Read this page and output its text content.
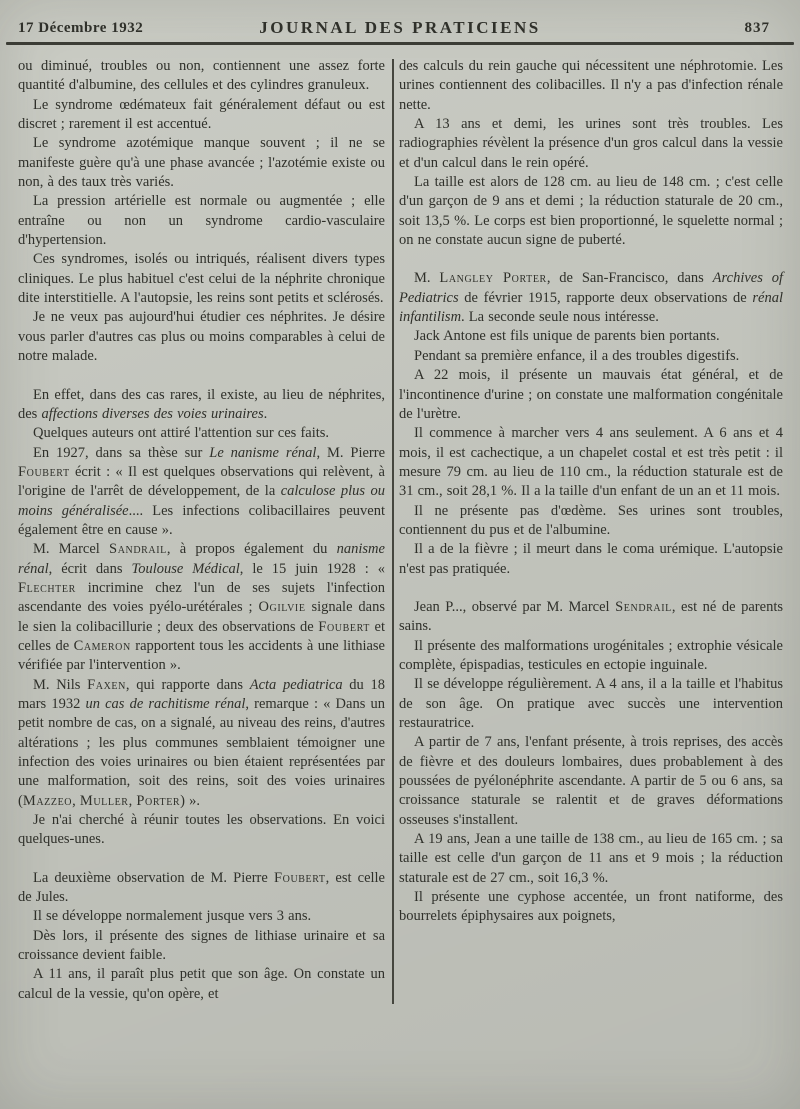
17 Décembre 1932	JOURNAL DES PRATICIENS	837

ou diminué, troubles ou non, contiennent une assez forte quantité d'albumine, des cellules et des cylindres granuleux.

Le syndrome œdémateux fait généralement défaut ou est discret ; rarement il est accentué.

Le syndrome azotémique manque souvent ; il ne se manifeste guère qu'à une phase avancée ; l'azotémie existe ou non, à des taux très variés.

La pression artérielle est normale ou augmentée ; elle entraîne ou non un syndrome cardio-vasculaire d'hypertension.

Ces syndromes, isolés ou intriqués, réalisent divers types cliniques. Le plus habituel c'est celui de la néphrite chronique dite interstitielle. A l'autopsie, les reins sont petits et sclérosés.

Je ne veux pas aujourd'hui étudier ces néphrites. Je désire vous parler d'autres cas plus ou moins comparables à celui de notre malade.

En effet, dans des cas rares, il existe, au lieu de néphrites, des affections diverses des voies urinaires.

Quelques auteurs ont attiré l'attention sur ces faits.

En 1927, dans sa thèse sur Le nanisme rénal, M. Pierre Foubert écrit : « Il est quelques observations qui relèvent, à l'origine de l'arrêt de développement, de la calculose plus ou moins généralisée.... Les infections colibacillaires peuvent également être en cause ».

M. Marcel Sandrail, à propos également du nanisme rénal, écrit dans Toulouse Médical, le 15 juin 1928 : « Flechter incrimine chez l'un de ses sujets l'infection ascendante des voies pyélo-urétérales ; Ogilvie signale dans le sien la colibacillurie ; deux des observations de Foubert et celles de Cameron rapportent tous les accidents à une lithiase vérifiée par l'intervention ».

M. Nils Faxen, qui rapporte dans Acta pediatrica du 18 mars 1932 un cas de rachitisme rénal, remarque : « Dans un petit nombre de cas, on a signalé, au niveau des reins, d'autres altérations ; les plus communes semblaient témoigner une infection des voies urinaires ou bien étaient représentées par une malformation, soit des reins, soit des voies urinaires (Mazzeo, Muller, Porter) ».

Je n'ai cherché à réunir toutes les observations. En voici quelques-unes.

La deuxième observation de M. Pierre Foubert, est celle de Jules.

Il se développe normalement jusque vers 3 ans.

Dès lors, il présente des signes de lithiase urinaire et sa croissance devient faible.

A 11 ans, il paraît plus petit que son âge. On constate un calcul de la vessie, qu'on opère, et

des calculs du rein gauche qui nécessitent une néphrotomie. Les urines contiennent des colibacilles. Il n'y a pas d'infection rénale nette.

A 13 ans et demi, les urines sont très troubles. Les radiographies révèlent la présence d'un gros calcul dans la vessie et d'un calcul dans le rein opéré.

La taille est alors de 128 cm. au lieu de 148 cm. ; c'est celle d'un garçon de 9 ans et demi ; la réduction staturale de 20 cm., soit 13,5 %. Le corps est bien proportionné, le squelette normal ; on ne constate aucun signe de puberté.

M. Langley Porter, de San-Francisco, dans Archives of Pediatrics de février 1915, rapporte deux observations de rénal infantilism. La seconde seule nous intéresse.

Jack Antone est fils unique de parents bien portants.

Pendant sa première enfance, il a des troubles digestifs.

A 22 mois, il présente un mauvais état général, et de l'incontinence d'urine ; on constate une malformation congénitale de l'urètre.

Il commence à marcher vers 4 ans seulement. A 6 ans et 4 mois, il est cachectique, a un chapelet costal et est très petit : il mesure 79 cm. au lieu de 110 cm., la réduction staturale est de 31 cm., soit 28,1 %. Il a la taille d'un enfant de un an et 11 mois.

Il ne présente pas d'œdème. Ses urines sont troubles, contiennent du pus et de l'albumine.

Il a de la fièvre ; il meurt dans le coma urémique. L'autopsie n'est pas pratiquée.

Jean P..., observé par M. Marcel Sendrail, est né de parents sains.

Il présente des malformations urogénitales ; extrophie vésicale complète, épispadias, testicules en ectopie inguinale.

Il se développe régulièrement. A 4 ans, il a la taille et l'habitus de son âge. On pratique avec succès une intervention restauratrice.

A partir de 7 ans, l'enfant présente, à trois reprises, des accès de fièvre et des douleurs lombaires, dues probablement à des poussées de pyélonéphrite ascendante. A partir de 5 ou 6 ans, sa croissance staturale se ralentit et de graves déformations osseuses s'installent.

A 19 ans, Jean a une taille de 138 cm., au lieu de 165 cm. ; sa taille est celle d'un garçon de 11 ans et 9 mois ; la réduction staturale est de 27 cm., soit 16,3 %.

Il présente une cyphose accentée, un front natiforme, des bourrelets épiphysaires aux poignets,
